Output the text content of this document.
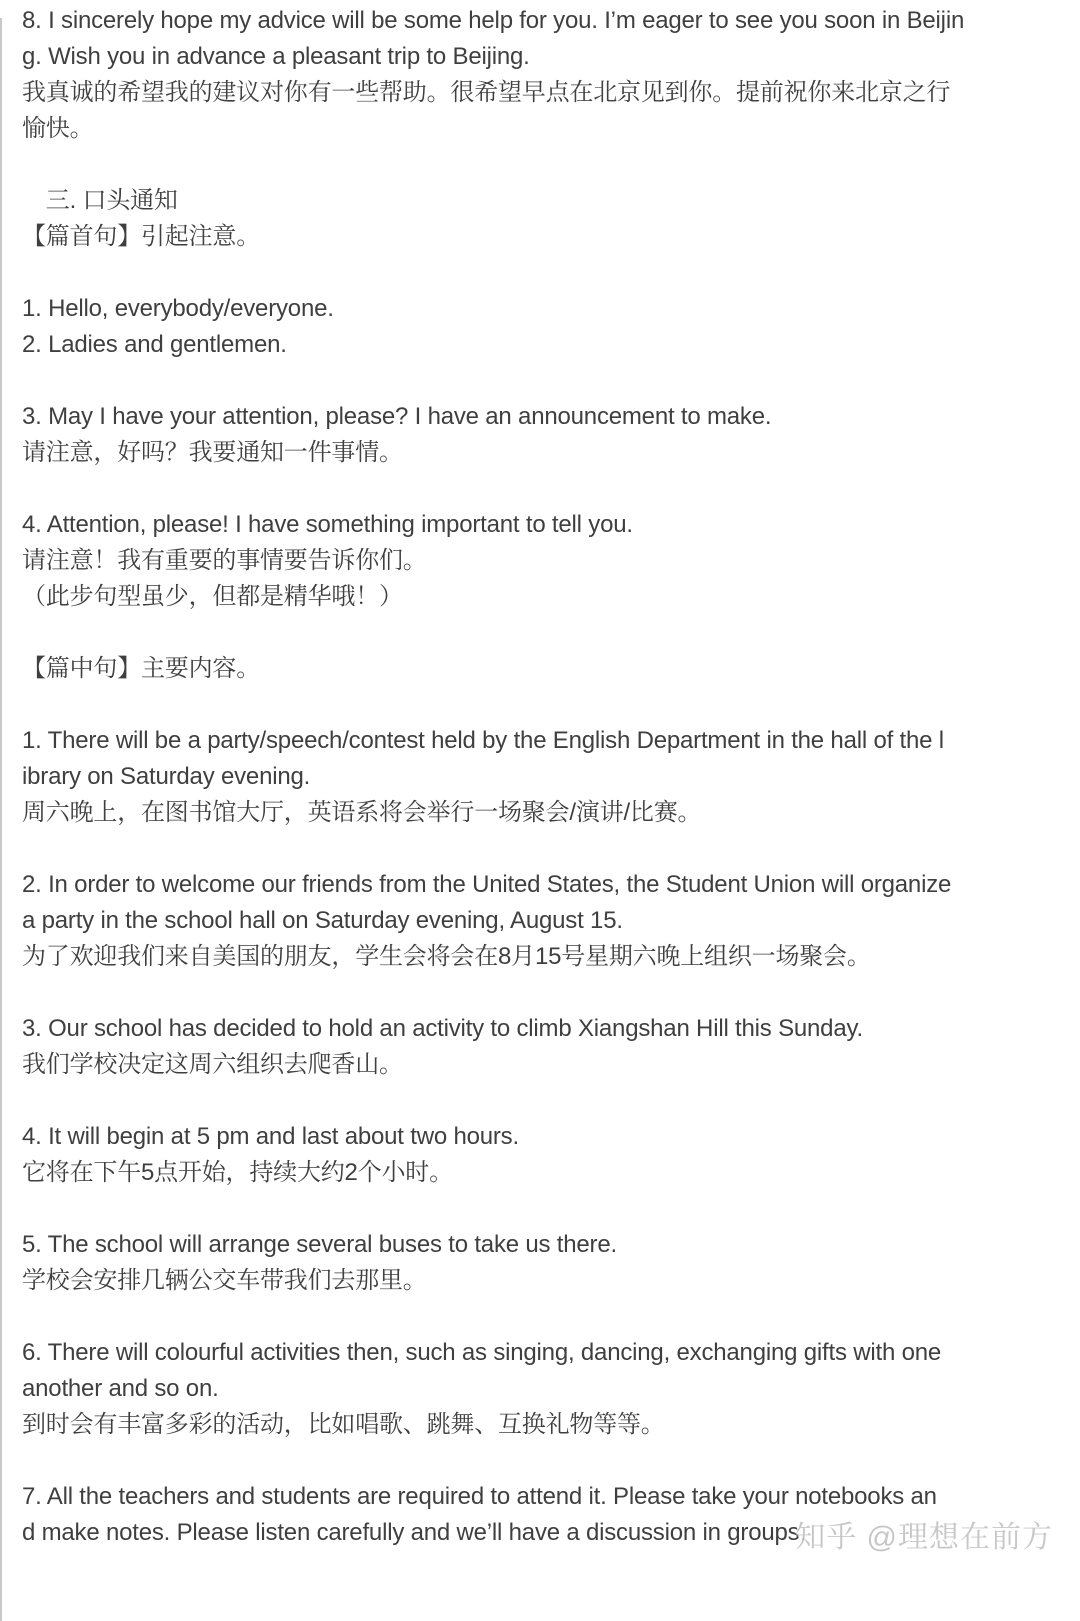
8. I sincerely hope my advice will be some help for you. I’m eager to see you soon in Beijin
g. Wish you in advance a pleasant trip to Beijing.
我真诚的希望我的建议对你有一些帮助。很希望早点在北京见到你。提前祝你来北京之行
愉快。
　三. 口头通知
【篇首句】引起注意。
1. Hello, everybody/everyone.
2. Ladies and gentlemen.
3. May I have your attention, please? I have an announcement to make.
请注意，好吗？我要通知一件事情。
4. Attention, please! I have something important to tell you.
请注意！我有重要的事情要告诉你们。
（此步句型虽少，但都是精华哦！）
【篇中句】主要内容。
1. There will be a party/speech/contest held by the English Department in the hall of the l
ibrary on Saturday evening.
周六晚上，在图书馆大厅，英语系将会举行一场聚会/演讲/比赛。
2. In order to welcome our friends from the United States, the Student Union will organize
a party in the school hall on Saturday evening, August 15.
为了欢迎我们来自美国的朋友，学生会将会在8月15号星期六晚上组织一场聚会。
3. Our school has decided to hold an activity to climb Xiangshan Hill this Sunday.
我们学校决定这周六组织去爬香山。
4. It will begin at 5 pm and last about two hours.
它将在下午5点开始，持续大约2个小时。
5. The school will arrange several buses to take us there.
学校会安排几辆公交车带我们去那里。
6. There will colourful activities then, such as singing, dancing, exchanging gifts with one
another and so on.
到时会有丰富多彩的活动，比如唱歌、跳舞、互换礼物等等。
7. All the teachers and students are required to attend it. Please take your notebooks an
d make notes. Please listen carefully and we’ll have a discussion in groups.
知乎 @理想在前方
